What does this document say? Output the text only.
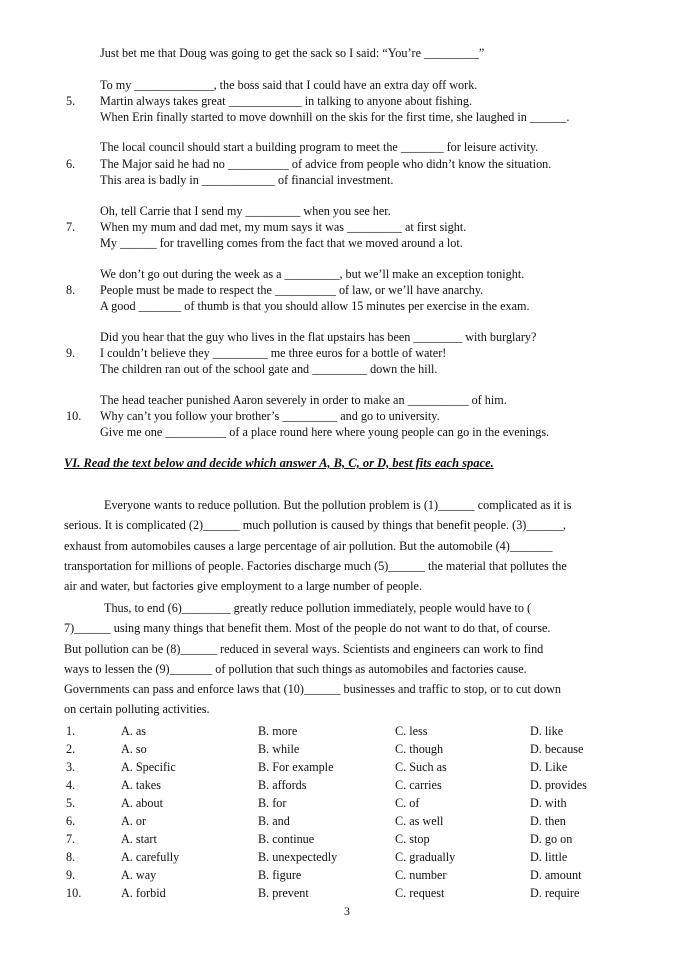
Just bet me that Doug was going to get the sack so I said: “You’re _________”
To my _____________, the boss said that I could have an extra day off work.
5. Martin always takes great ____________ in talking to anyone about fishing.
When Erin finally started to move downhill on the skis for the first time, she laughed in ______.
The local council should start a building program to meet the _______ for leisure activity.
6. The Major said he had no __________ of advice from people who didn’t know the situation.
This area is badly in ____________ of financial investment.
Oh, tell Carrie that I send my _________ when you see her.
7. When my mum and dad met, my mum says it was _________ at first sight.
My ______ for travelling comes from the fact that we moved around a lot.
We don’t go out during the week as a _________, but we’ll make an exception tonight.
8. People must be made to respect the __________ of law, or we’ll have anarchy.
A good _______ of thumb is that you should allow 15 minutes per exercise in the exam.
Did you hear that the guy who lives in the flat upstairs has been ________ with burglary?
9. I couldn’t believe they _________ me three euros for a bottle of water!
The children ran out of the school gate and _________ down the hill.
The head teacher punished Aaron severely in order to make an __________ of him.
10. Why can’t you follow your brother’s _________ and go to university.
Give me one __________ of a place round here where young people can go in the evenings.
VI. Read the text below and decide which answer A, B, C, or D, best fits each space.
Everyone wants to reduce pollution. But the pollution problem is (1)______ complicated as it is
serious. It is complicated (2)______ much pollution is caused by things that benefit people. (3)______,
exhaust from automobiles causes a large percentage of air pollution. But the automobile (4)_______
transportation for millions of people. Factories discharge much (5)______ the material that pollutes the
air and water, but factories give employment to a large number of people.
Thus, to end (6)________ greatly reduce pollution immediately, people would have to (
7)______ using many things that benefit them. Most of the people do not want to do that, of course.
But pollution can be (8)______ reduced in several ways. Scientists and engineers can work to find
ways to lessen the (9)_______ of pollution that such things as automobiles and factories cause.
Governments can pass and enforce laws that (10)______ businesses and traffic to stop, or to cut down
on certain polluting activities.
1.	A. as	B. more	C. less	D. like
2.	A. so	B. while	C. though	D. because
3.	A. Specific	B. For example	C. Such as	D. Like
4.	A. takes	B. affords	C. carries	D. provides
5.	A. about	B. for	C. of	D. with
6.	A. or	B. and	C. as well	D. then
7.	A. start	B. continue	C. stop	D. go on
8.	A. carefully	B. unexpectedly	C. gradually	D. little
9.	A. way	B. figure	C. number	D. amount
10.	A. forbid	B. prevent	C. request	D. require
3
